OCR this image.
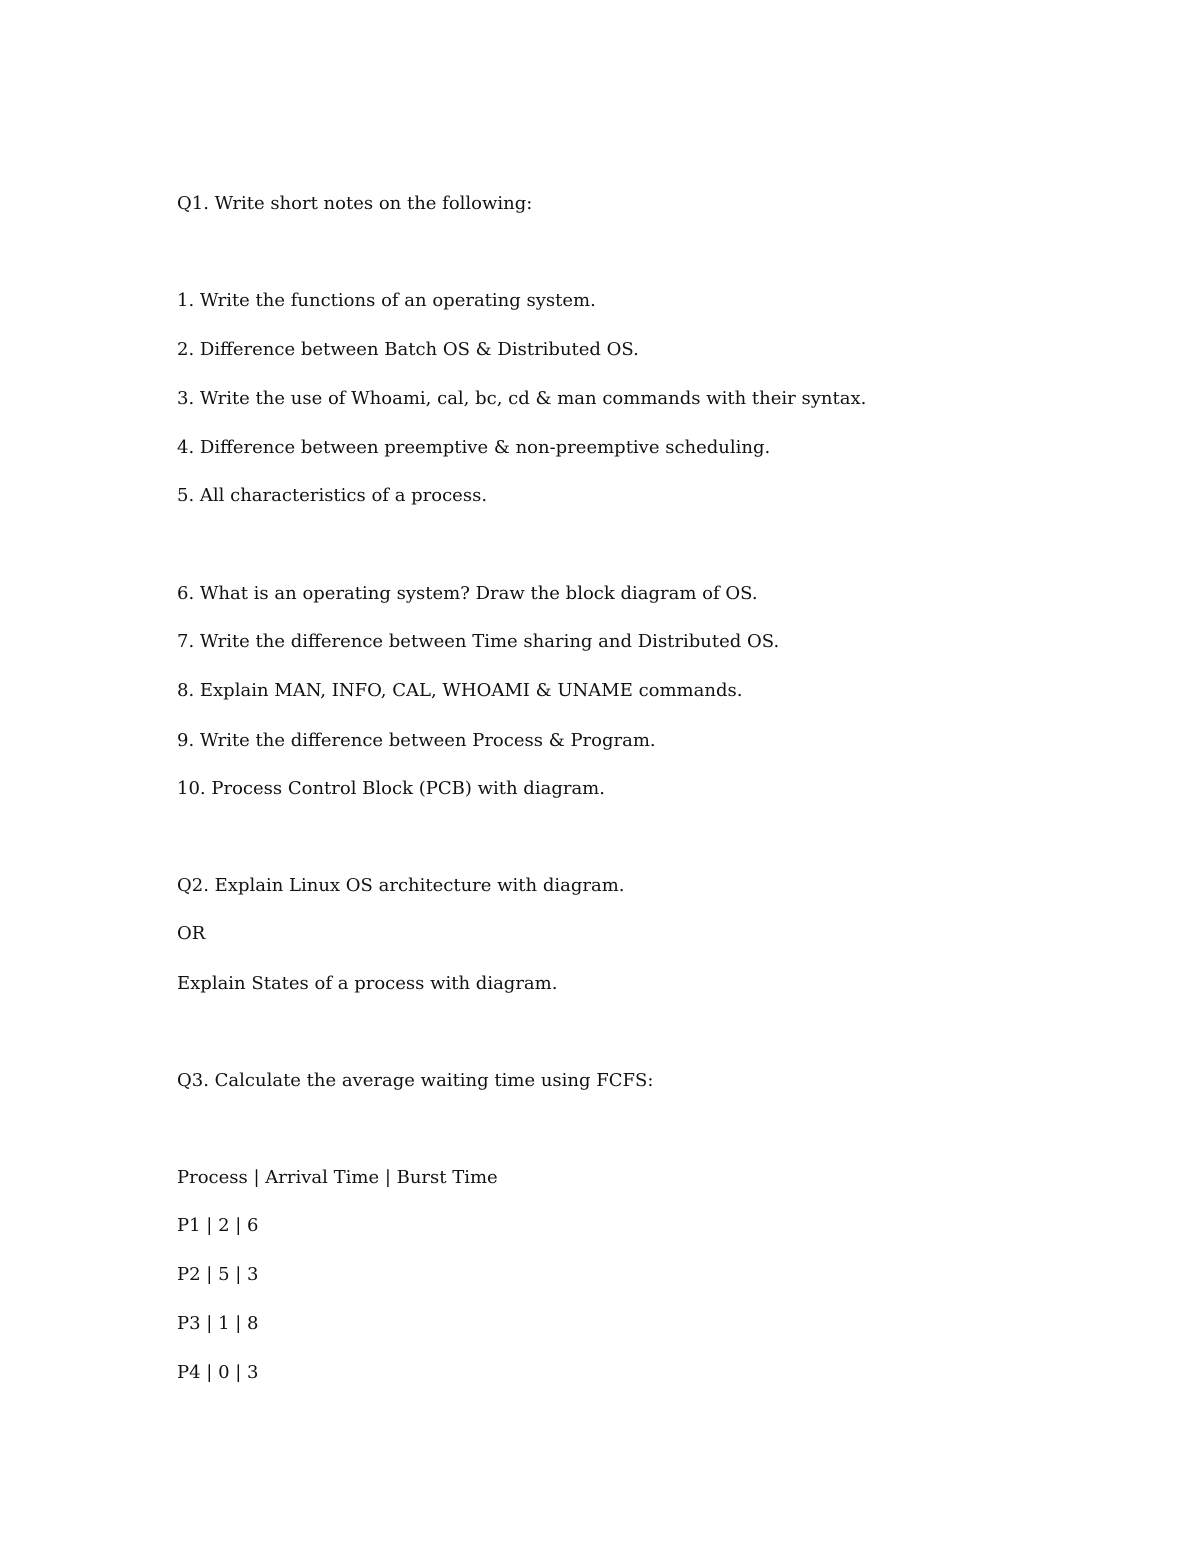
Q1. Write short notes on the following:

1. Write the functions of an operating system.

2. Difference between Batch OS & Distributed OS.

3. Write the use of Whoami, cal, bc, cd & man commands with their syntax.

4. Difference between preemptive & non-preemptive scheduling.

5. All characteristics of a process.

6. What is an operating system? Draw the block diagram of OS.

7. Write the difference between Time sharing and Distributed OS.

8. Explain MAN, INFO, CAL, WHOAMI & UNAME commands.

9. Write the difference between Process & Program.

10. Process Control Block (PCB) with diagram.

Q2. Explain Linux OS architecture with diagram.

OR

Explain States of a process with diagram.

Q3. Calculate the average waiting time using FCFS:

Process | Arrival Time | Burst Time

P1 | 2 | 6

P2 | 5 | 3

P3 | 1 | 8

P4 | 0 | 3
